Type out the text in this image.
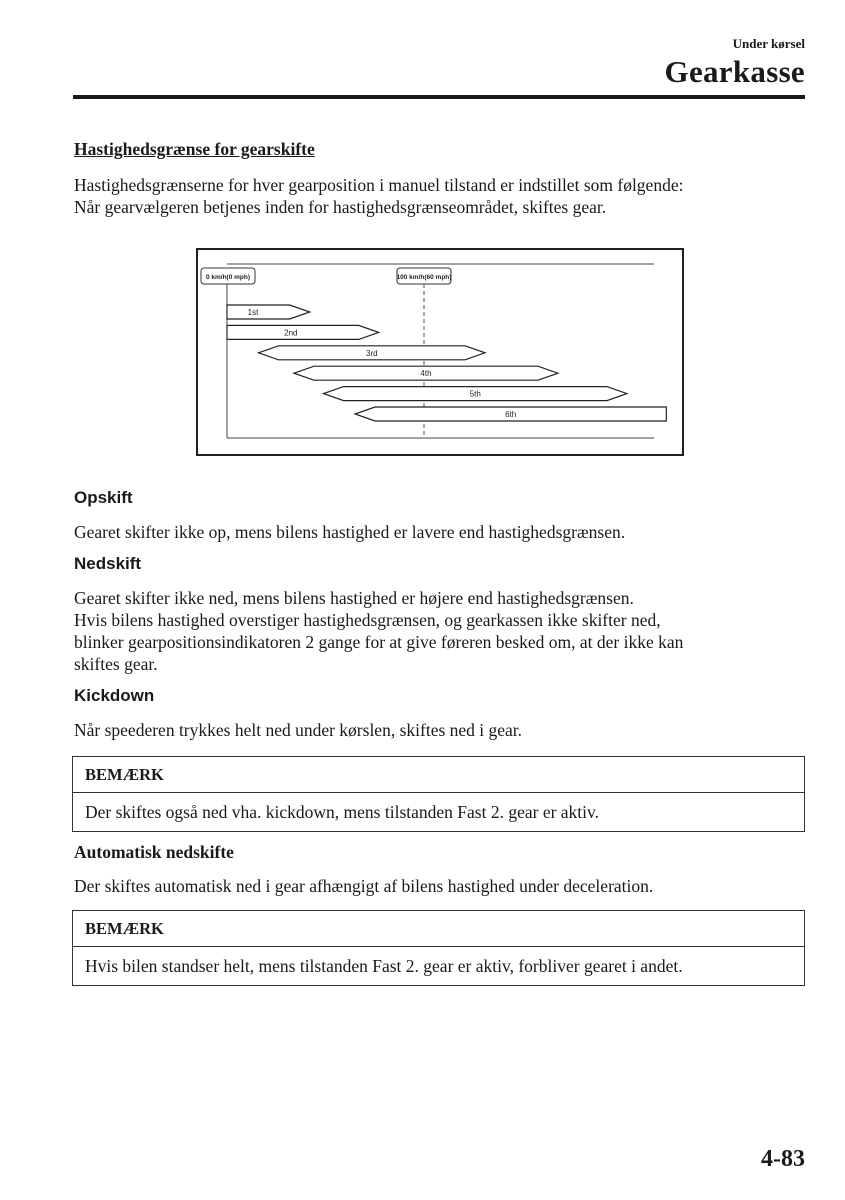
Under kørsel
Gearkasse
Hastighedsgrænse for gearskifte
Hastighedsgrænserne for hver gearposition i manuel tilstand er indstillet som følgende:
Når gearvælgeren betjenes inden for hastighedsgrænseområdet, skiftes gear.
0 km/h(0 mph)	100 km/h(60 mph)
1st
2nd
3rd
4th
5th
6th
Opskift
Gearet skifter ikke op, mens bilens hastighed er lavere end hastighedsgrænsen.
Nedskift
Gearet skifter ikke ned, mens bilens hastighed er højere end hastighedsgrænsen.
Hvis bilens hastighed overstiger hastighedsgrænsen, og gearkassen ikke skifter ned,
blinker gearpositionsindikatoren 2 gange for at give føreren besked om, at der ikke kan
skiftes gear.
Kickdown
Når speederen trykkes helt ned under kørslen, skiftes ned i gear.
BEMÆRK
Der skiftes også ned vha. kickdown, mens tilstanden Fast 2. gear er aktiv.
Automatisk nedskifte
Der skiftes automatisk ned i gear afhængigt af bilens hastighed under deceleration.
BEMÆRK
Hvis bilen standser helt, mens tilstanden Fast 2. gear er aktiv, forbliver gearet i andet.
4-83
